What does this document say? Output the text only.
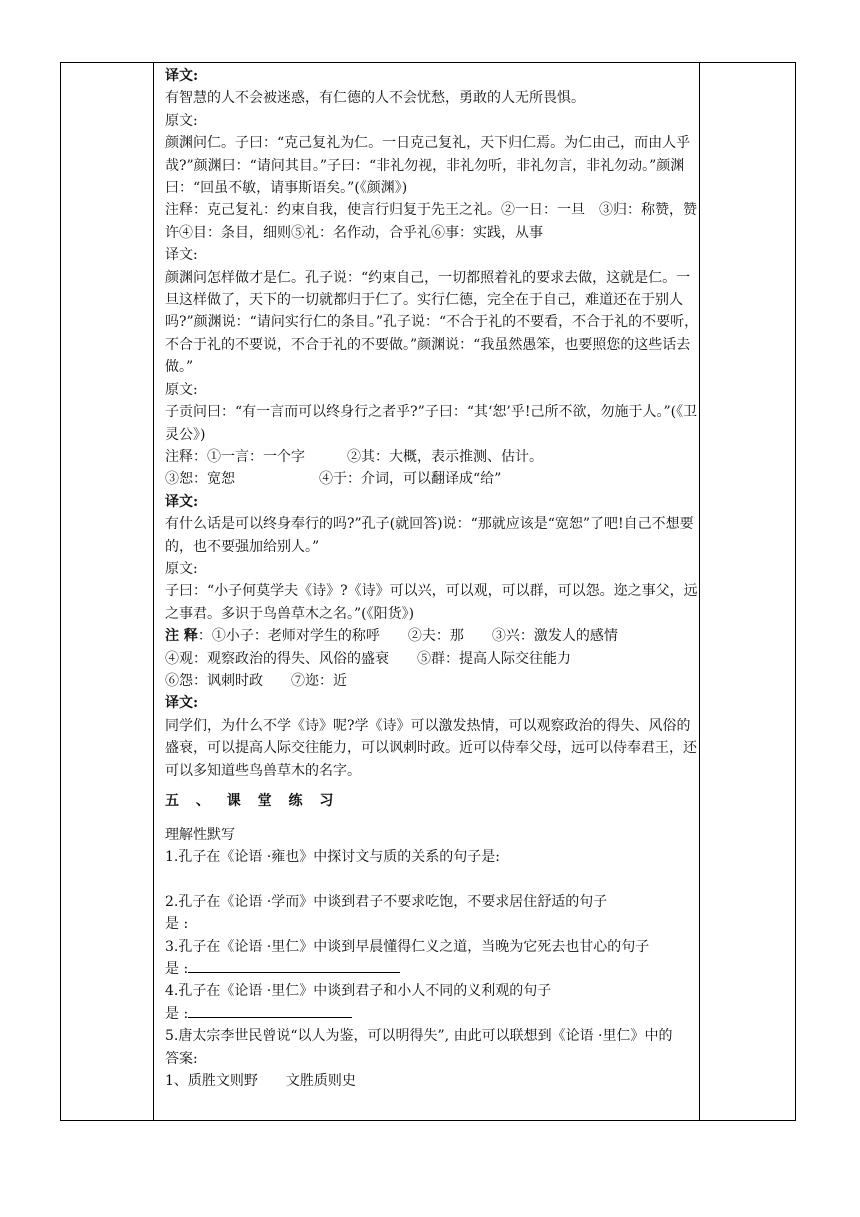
译文:

有智慧的人不会被迷惑，有仁德的人不会忧愁，勇敢的人无所畏惧。

原文:

颜渊问仁。子曰：“克己复礼为仁。一日克己复礼，天下归仁焉。为仁由己，而由人乎哉?”颜渊曰：“请问其目。”子曰：“非礼勿视，非礼勿听，非礼勿言，非礼勿动。”颜渊曰：“回虽不敏，请事斯语矣。”(《颜渊》)

注释：克己复礼：约束自我，使言行归复于先王之礼。②一日：一旦　③归：称赞，赞许④目：条目，细则⑤礼：名作动，合乎礼⑥事：实践，从事

译文:

颜渊问怎样做才是仁。孔子说：“约束自己，一切都照着礼的要求去做，这就是仁。一旦这样做了，天下的一切就都归于仁了。实行仁德，完全在于自己，难道还在于别人吗?”颜渊说：“请问实行仁的条目。”孔子说：“不合于礼的不要看，不合于礼的不要听，不合于礼的不要说，不合于礼的不要做。”颜渊说：“我虽然愚笨，也要照您的这些话去做。”

原文:

子贡问曰：“有一言而可以终身行之者乎?”子曰：“其‘恕’乎!己所不欲，勿施于人。”(《卫灵公》)

注释：①一言：一个字　　　②其：大概，表示推测、估计。

③恕：宽恕　　　　　　④于：介词，可以翻译成“给”

译文:

有什么话是可以终身奉行的吗?”孔子(就回答)说：“那就应该是“宽恕”了吧!自己不想要的，也不要强加给别人。”

原文:

子曰：“小子何莫学夫《诗》?《诗》可以兴，可以观，可以群，可以怨。迩之事父，远之事君。多识于鸟兽草木之名。”(《阳货》)

注 释：①小子：老师对学生的称呼　　②夫：那　　③兴：激发人的感情

④观：观察政治的得失、风俗的盛衰　　⑤群：提高人际交往能力

⑥怨：讽刺时政　　⑦迩：近

译文:

同学们，为什么不学《诗》呢?学《诗》可以激发热情，可以观察政治的得失、风俗的盛衰，可以提高人际交往能力，可以讽刺时政。近可以侍奉父母，远可以侍奉君王，还可以多知道些鸟兽草木的名字。

五 、 课 堂 练 习

理解性默写

1.孔子在《论语 ·雍也》中探讨文与质的关系的句子是:

2.孔子在《论语 ·学而》中谈到君子不要求吃饱，不要求居住舒适的句子

是 :

3.孔子在《论语 ·里仁》中谈到早晨懂得仁义之道，当晚为它死去也甘心的句子

是 :

4.孔子在《论语 ·里仁》中谈到君子和小人不同的义利观的句子

是 :

5.唐太宗李世民曾说“以人为鉴，可以明得失”, 由此可以联想到《论语 ·里仁》中的

答案:

1、质胜文则野　　文胜质则史
